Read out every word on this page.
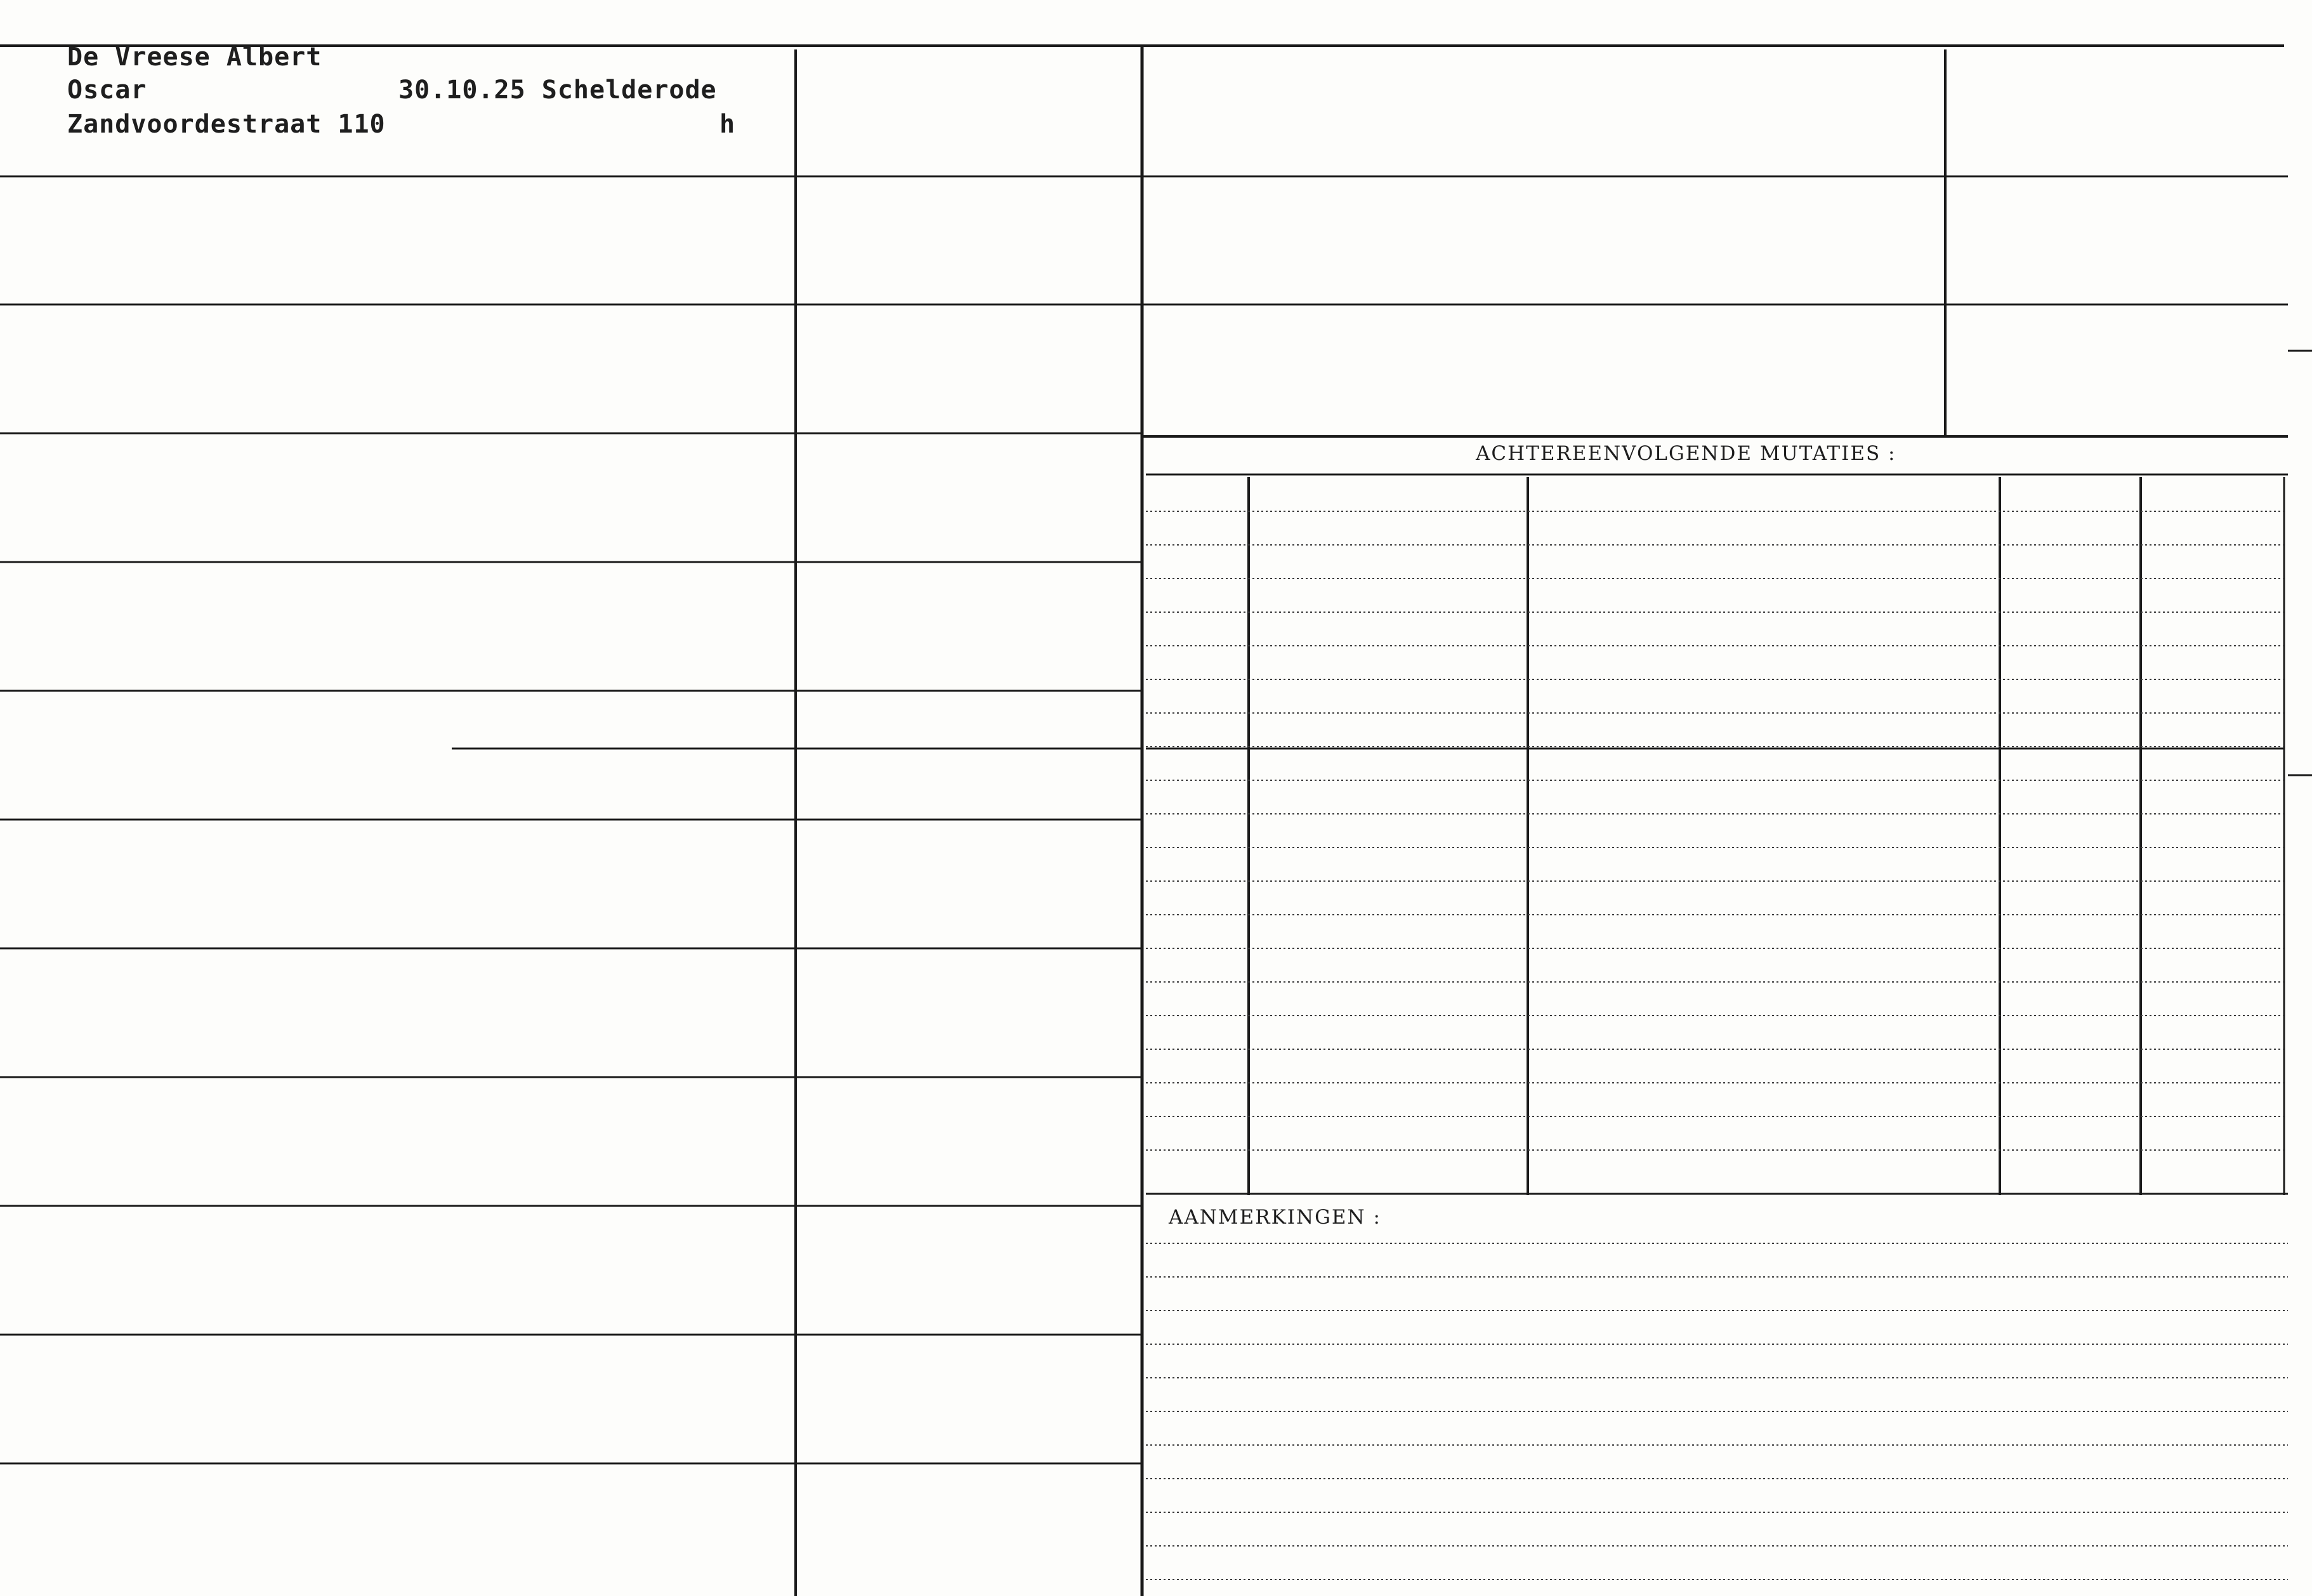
De Vreese Albert
Oscar	30.10.25 Schelderode
Zandvoordestraat 110	h
ACHTEREENVOLGENDE MUTATIES :
AANMERKINGEN :
